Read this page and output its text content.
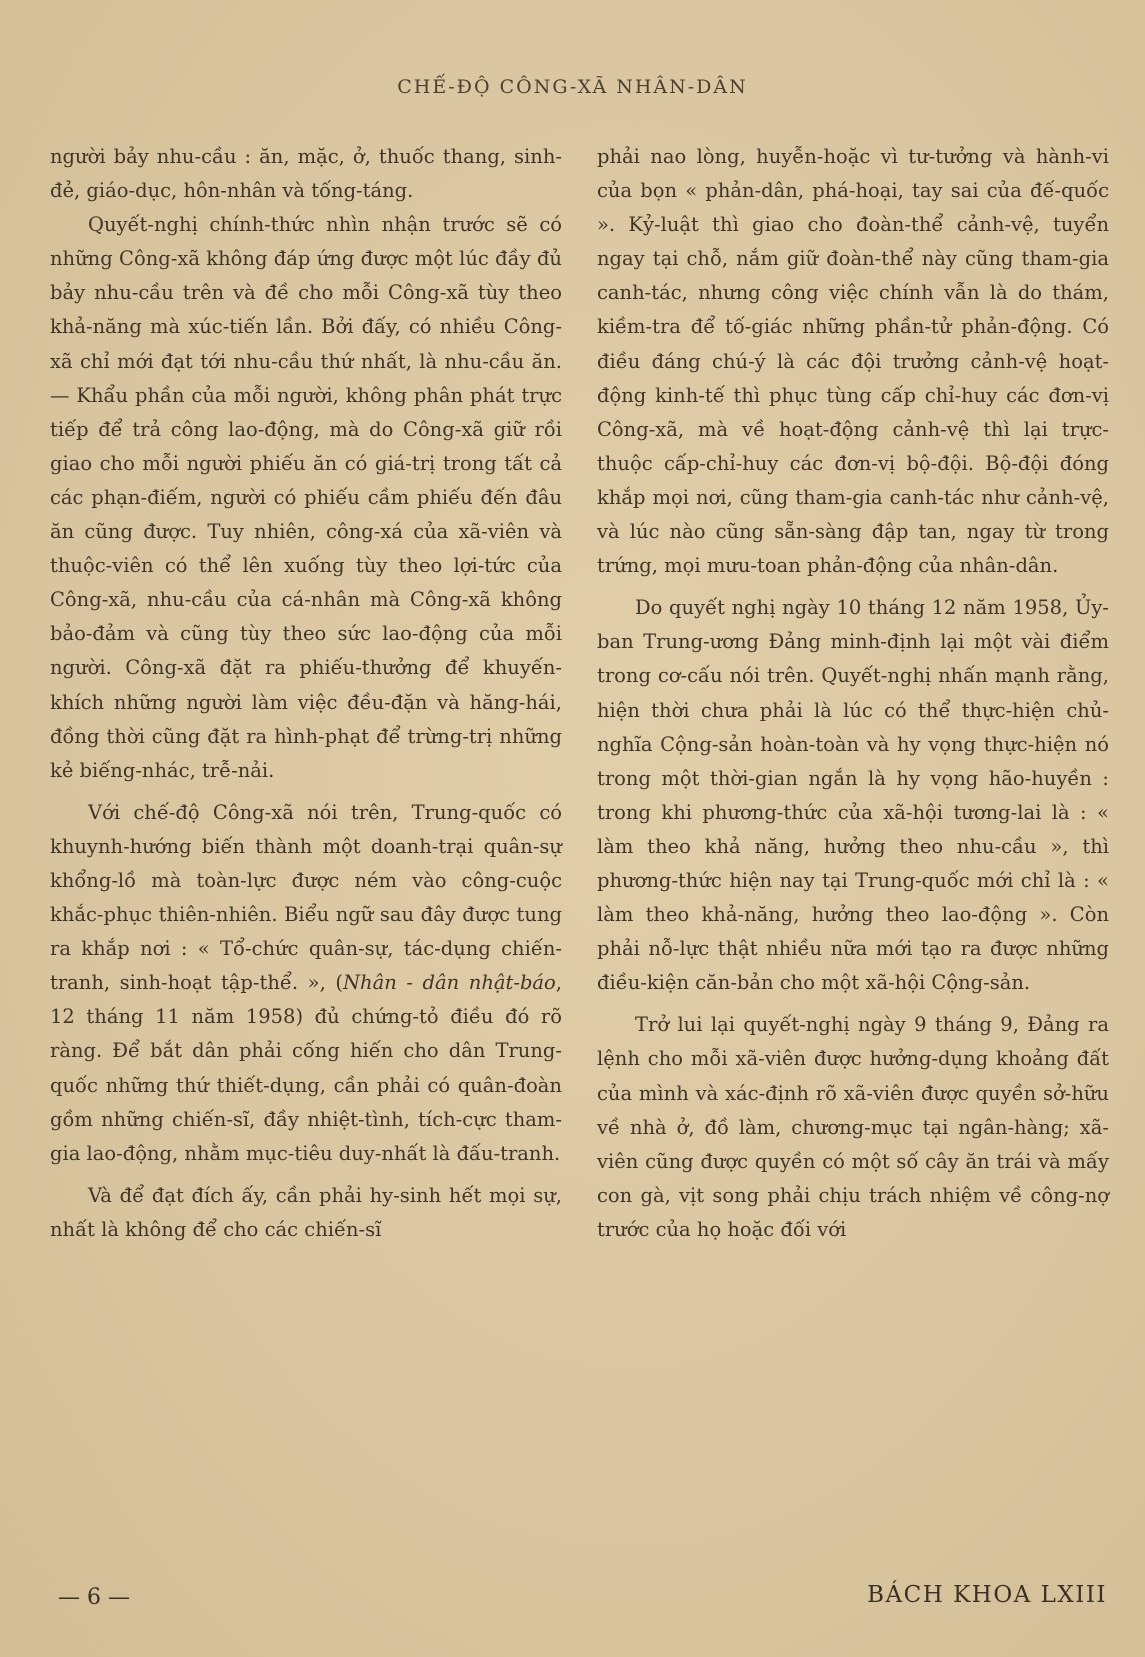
CHẾ-ĐỘ CÔNG-XÃ NHÂN-DÂN

người bảy nhu-cầu : ăn, mặc, ở, thuốc thang, sinh-đẻ, giáo-dục, hôn-nhân và tống-táng.

Quyết-nghị chính-thức nhìn nhận trước sẽ có những Công-xã không đáp ứng được một lúc đầy đủ bảy nhu-cầu trên và đề cho mỗi Công-xã tùy theo khả-năng mà xúc-tiến lần. Bởi đấy, có nhiều Công-xã chỉ mới đạt tới nhu-cầu thứ nhất, là nhu-cầu ăn.— Khẩu phần của mỗi người, không phân phát trực tiếp để trả công lao-động, mà do Công-xã giữ rồi giao cho mỗi người phiếu ăn có giá-trị trong tất cả các phạn-điếm, người có phiếu cầm phiếu đến đâu ăn cũng được. Tuy nhiên, công-xá của xã-viên và thuộc-viên có thể lên xuống tùy theo lợi-tức của Công-xã, nhu-cầu của cá-nhân mà Công-xã không bảo-đảm và cũng tùy theo sức lao-động của mỗi người. Công-xã đặt ra phiếu-thưởng để khuyến-khích những người làm việc đều-đặn và hăng-hái, đồng thời cũng đặt ra hình-phạt để trừng-trị những kẻ biếng-nhác, trễ-nải.

Với chế-độ Công-xã nói trên, Trung-quốc có khuynh-hướng biến thành một doanh-trại quân-sự khổng-lồ mà toàn-lực được ném vào công-cuộc khắc-phục thiên-nhiên. Biểu ngữ sau đây được tung ra khắp nơi : « Tổ-chức quân-sự, tác-dụng chiến-tranh, sinh-hoạt tập-thể. », (Nhân - dân nhật-báo, 12 tháng 11 năm 1958) đủ chứng-tỏ điều đó rõ ràng. Để bắt dân phải cống hiến cho dân Trung-quốc những thứ thiết-dụng, cần phải có quân-đoàn gồm những chiến-sĩ, đầy nhiệt-tình, tích-cực tham-gia lao-động, nhằm mục-tiêu duy-nhất là đấu-tranh.

Và để đạt đích ấy, cần phải hy-sinh hết mọi sự, nhất là không để cho các chiến-sĩ

phải nao lòng, huyễn-hoặc vì tư-tưởng và hành-vi của bọn « phản-dân, phá-hoại, tay sai của đế-quốc ». Kỷ-luật thì giao cho đoàn-thể cảnh-vệ, tuyển ngay tại chỗ, nắm giữ đoàn-thể này cũng tham-gia canh-tác, nhưng công việc chính vẫn là do thám, kiềm-tra để tố-giác những phần-tử phản-động. Có điều đáng chú-ý là các đội trưởng cảnh-vệ hoạt-động kinh-tế thì phục tùng cấp chỉ-huy các đơn-vị Công-xã, mà về hoạt-động cảnh-vệ thì lại trực-thuộc cấp-chỉ-huy các đơn-vị bộ-đội. Bộ-đội đóng khắp mọi nơi, cũng tham-gia canh-tác như cảnh-vệ, và lúc nào cũng sẵn-sàng đập tan, ngay từ trong trứng, mọi mưu-toan phản-động của nhân-dân.

Do quyết nghị ngày 10 tháng 12 năm 1958, Ủy-ban Trung-ương Đảng minh-định lại một vài điểm trong cơ-cấu nói trên. Quyết-nghị nhấn mạnh rằng, hiện thời chưa phải là lúc có thể thực-hiện chủ-nghĩa Cộng-sản hoàn-toàn và hy vọng thực-hiện nó trong một thời-gian ngắn là hy vọng hão-huyền : trong khi phương-thức của xã-hội tương-lai là : « làm theo khả năng, hưởng theo nhu-cầu », thì phương-thức hiện nay tại Trung-quốc mới chỉ là : « làm theo khả-năng, hưởng theo lao-động ». Còn phải nỗ-lực thật nhiều nữa mới tạo ra được những điều-kiện căn-bản cho một xã-hội Cộng-sản.

Trở lui lại quyết-nghị ngày 9 tháng 9, Đảng ra lệnh cho mỗi xã-viên được hưởng-dụng khoảng đất của mình và xác-định rõ xã-viên được quyền sở-hữu về nhà ở, đồ làm, chương-mục tại ngân-hàng; xã-viên cũng được quyền có một số cây ăn trái và mấy con gà, vịt song phải chịu trách nhiệm về công-nợ trước của họ hoặc đối với

— 6 —	BÁCH KHOA LXIII
